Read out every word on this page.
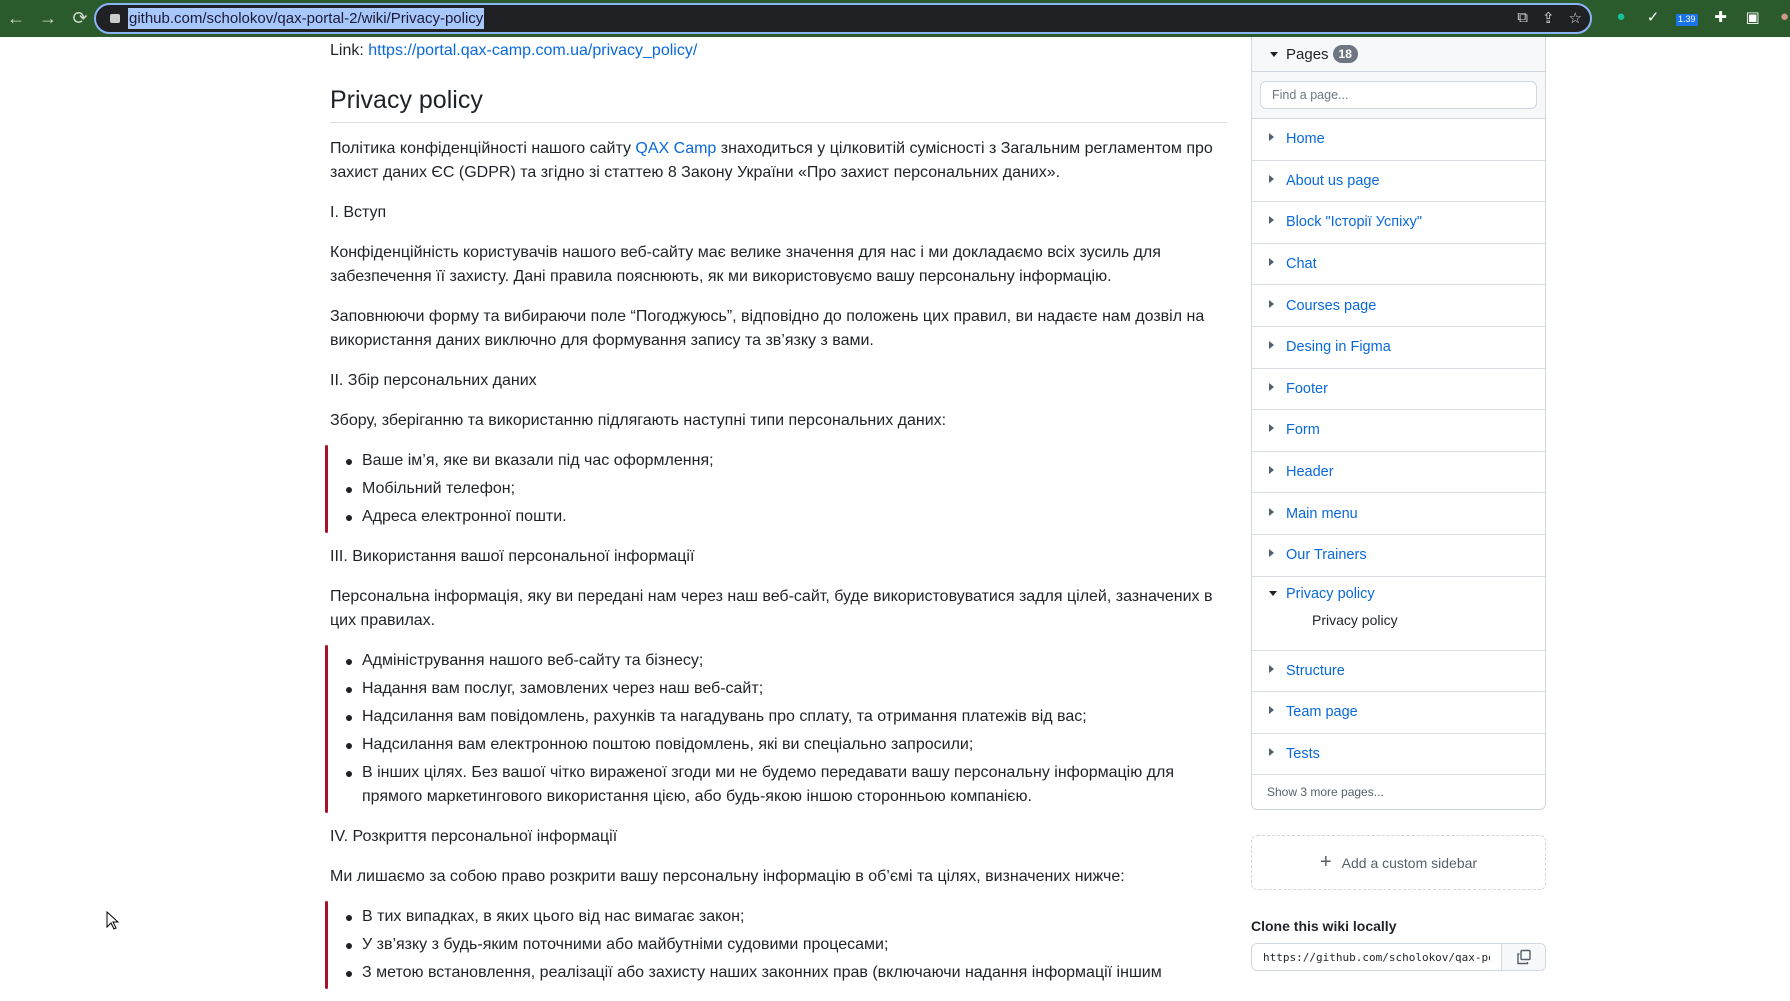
← → ⟳	github.com/scholokov/qax-portal-2/wiki/Privacy-policy	⧉ ⇪ ☆ ● ✓	1.39 ✚ ▣ ●
Link: https://portal.qax-camp.com.ua/privacy_policy/
Privacy policy

Політика конфіденційності нашого сайту QAX Camp знаходиться у цілковитій сумісності з Загальним регламентом про захист даних ЄС (GDPR) та згідно зі статтею 8 Закону України «Про захист персональних даних».

I. Вступ

Конфіденційність користувачів нашого веб-сайту має велике значення для нас і ми докладаємо всіх зусиль для забезпечення її захисту. Дані правила пояснюють, як ми використовуємо вашу персональну інформацію.

Заповнюючи форму та вибираючи поле “Погоджуюсь”, відповідно до положень цих правил, ви надаєте нам дозвіл на використання даних виключно для формування запису та зв’язку з вами.

II. Збір персональних даних

Збору, зберіганню та використанню підлягають наступні типи персональних даних:

Ваше ім’я, яке ви вказали під час оформлення;
Мобільний телефон;
Адреса електронної пошти.

III. Використання вашої персональної інформації

Персональна інформація, яку ви передані нам через наш веб-сайт, буде використовуватися задля цілей, зазначених в цих правилах.

Адміністрування нашого веб-сайту та бізнесу;
Надання вам послуг, замовлених через наш веб-сайт;
Надсилання вам повідомлень, рахунків та нагадувань про сплату, та отримання платежів від вас;
Надсилання вам електронною поштою повідомлень, які ви спеціально запросили;
В інших цілях. Без вашої чітко вираженої згоди ми не будемо передавати вашу персональну інформацію для прямого маркетингового використання цією, або будь-якою іншою сторонньою компанією.

IV. Розкриття персональної інформації

Ми лишаємо за собою право розкрити вашу персональну інформацію в об’ємі та цілях, визначених нижче:

В тих випадках, в яких цього від нас вимагає закон;
У зв’язку з будь-яким поточними або майбутніми судовими процесами;
З метою встановлення, реалізації або захисту наших законних прав (включаючи надання інформації іншим
Pages 18
Find a page...
Home
About us page
Block "Історії Успіху"
Chat
Courses page
Desing in Figma
Footer
Form
Header
Main menu
Our Trainers
Privacy policy
Privacy policy
Structure
Team page
Tests
Show 3 more pages...
+ Add a custom sidebar
Clone this wiki locally
https://github.com/scholokov/qax-portal-2.wiki.git
